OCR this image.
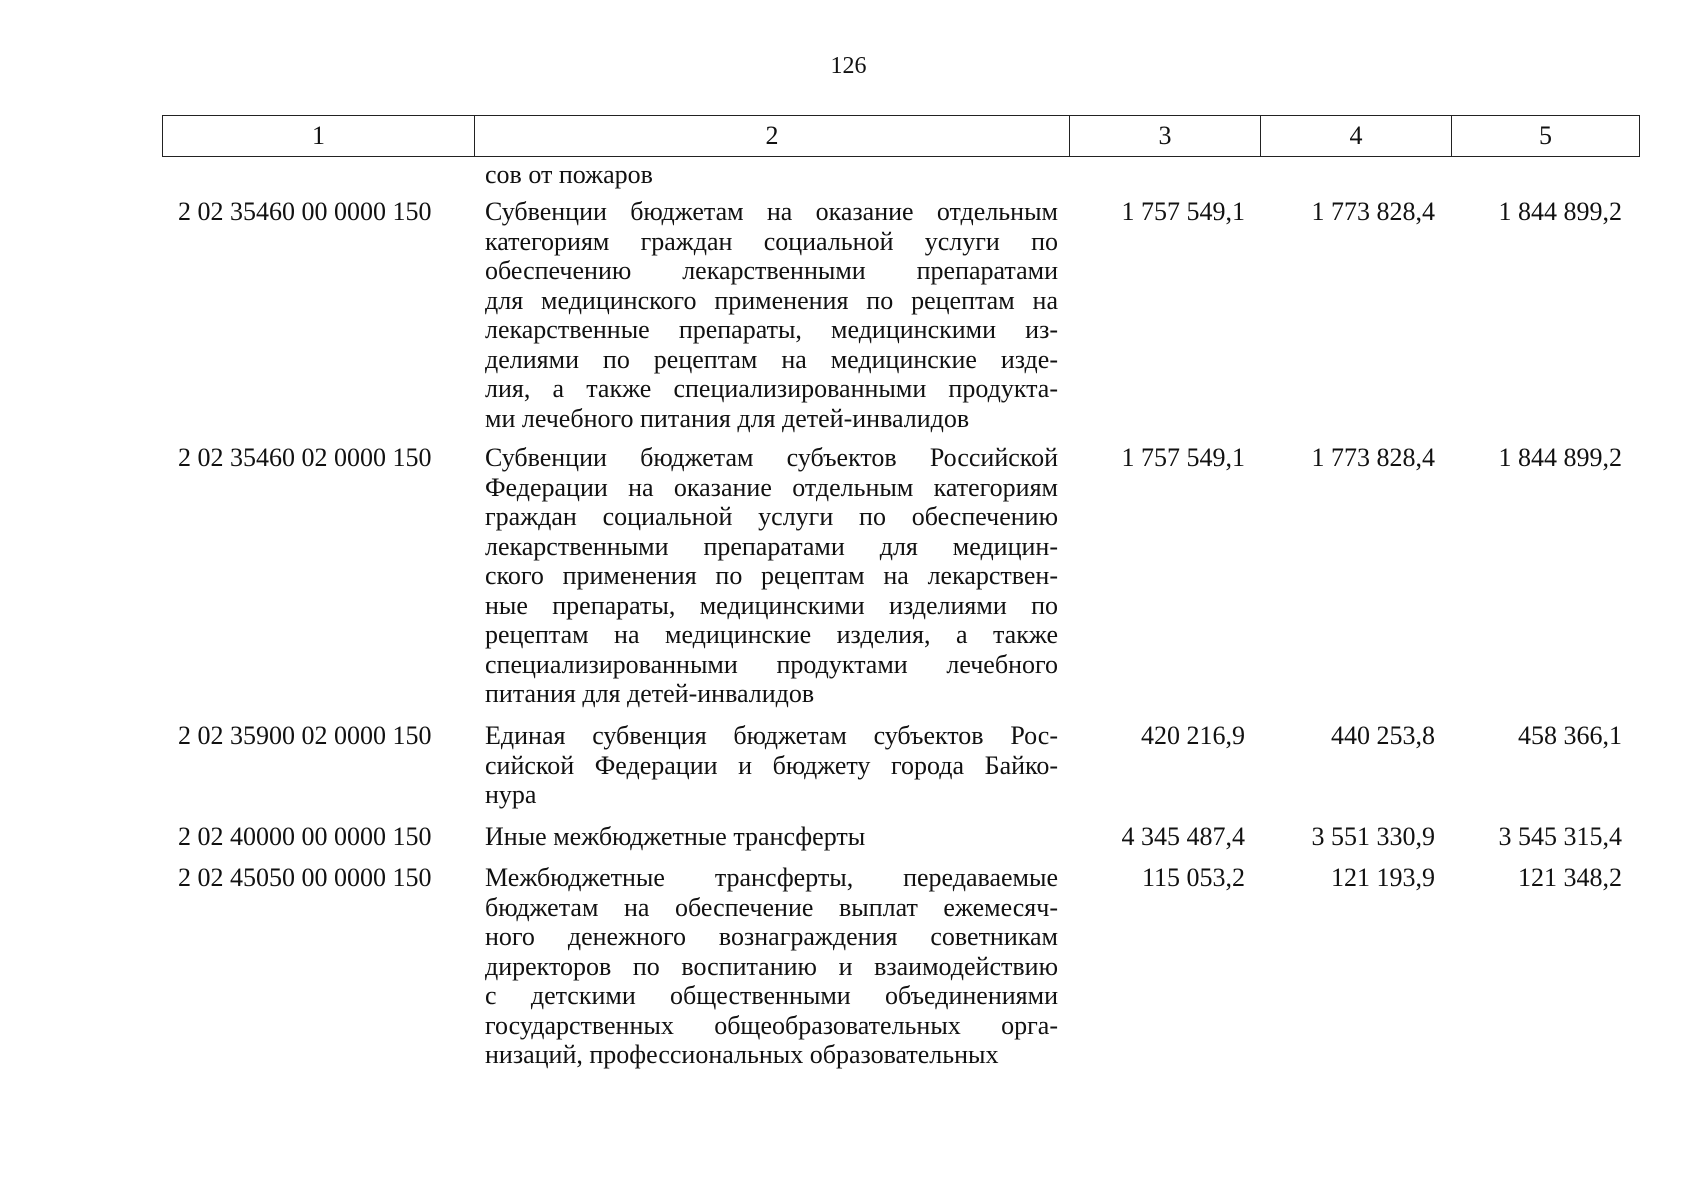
126
1	2	3	4	5
сов от пожаров
2 02 35460 00 0000 150 Субвенции бюджетам на оказание отдельным
категориям граждан социальной услуги по
обеспечению лекарственными препаратами
для медицинского применения по рецептам на
лекарственные препараты, медицинскими из-
делиями по рецептам на медицинские изде-
лия, а также специализированными продукта-
ми лечебного питания для детей-инвалидов
1 757 549,1	1 773 828,4	1 844 899,2
2 02 35460 02 0000 150 Субвенции бюджетам субъектов Российской
Федерации на оказание отдельным категориям
граждан социальной услуги по обеспечению
лекарственными препаратами для медицин-
ского применения по рецептам на лекарствен-
ные препараты, медицинскими изделиями по
рецептам на медицинские изделия, а также
специализированными продуктами лечебного
питания для детей-инвалидов
1 757 549,1	1 773 828,4	1 844 899,2
2 02 35900 02 0000 150 Единая субвенция бюджетам субъектов Рос-
сийской Федерации и бюджету города Байко-
нура
420 216,9	440 253,8	458 366,1
2 02 40000 00 0000 150 Иные межбюджетные трансферты	4 345 487,4	3 551 330,9	3 545 315,4
2 02 45050 00 0000 150 Межбюджетные трансферты, передаваемые
бюджетам на обеспечение выплат ежемесяч-
ного денежного вознаграждения советникам
директоров по воспитанию и взаимодействию
с детскими общественными объединениями
государственных общеобразовательных орга-
низаций, профессиональных образовательных
115 053,2	121 193,9	121 348,2
